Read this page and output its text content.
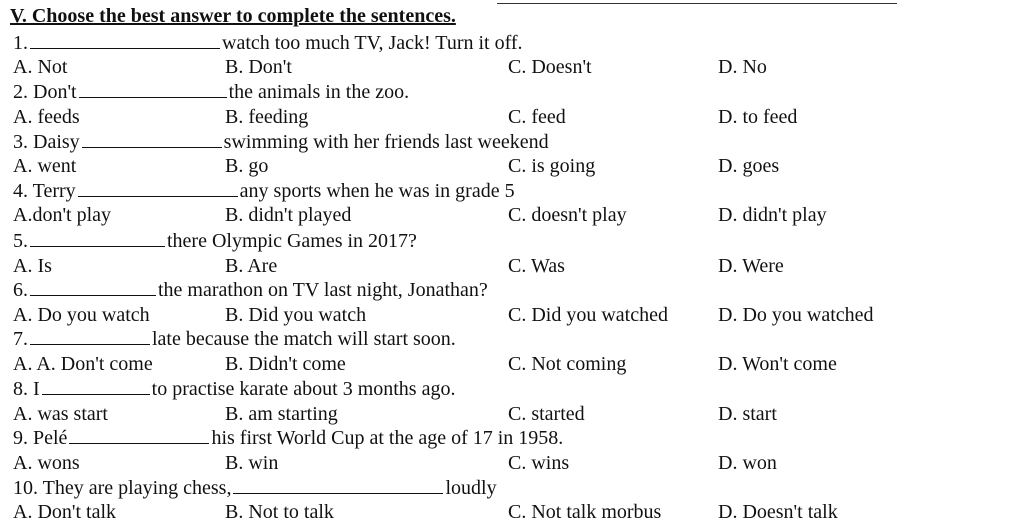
V. Choose the best answer to complete the sentences.
1.	watch too much TV, Jack! Turn it off.
A. Not	B. Don't	C. Doesn't	D. No
2. Don't	the animals in the zoo.
A. feeds	B. feeding	C. feed	D. to feed
3. Daisy	swimming with her friends last weekend
A. went	B. go	C. is going	D. goes
4. Terry	any sports when he was in grade 5
A.don't play	B. didn't played	C. doesn't play	D. didn't play
5.	there Olympic Games in 2017?
A. Is	B. Are	C. Was	D. Were
6.	the marathon on TV last night, Jonathan?
A. Do you watch	B. Did you watch	C. Did you watched	D. Do you watched
7.	late because the match will start soon.
A. A. Don't come	B. Didn't come	C. Not coming	D. Won't come
8. I	to practise karate about 3 months ago.
A. was start	B. am starting	C. started	D. start
9. Pelé	his first World Cup at the age of 17 in 1958.
A. wons	B. win	C. wins	D. won
10. They are playing chess,	loudly
A. Don't talk	B. Not to talk	C. Not talk morbus	D. Doesn't talk
